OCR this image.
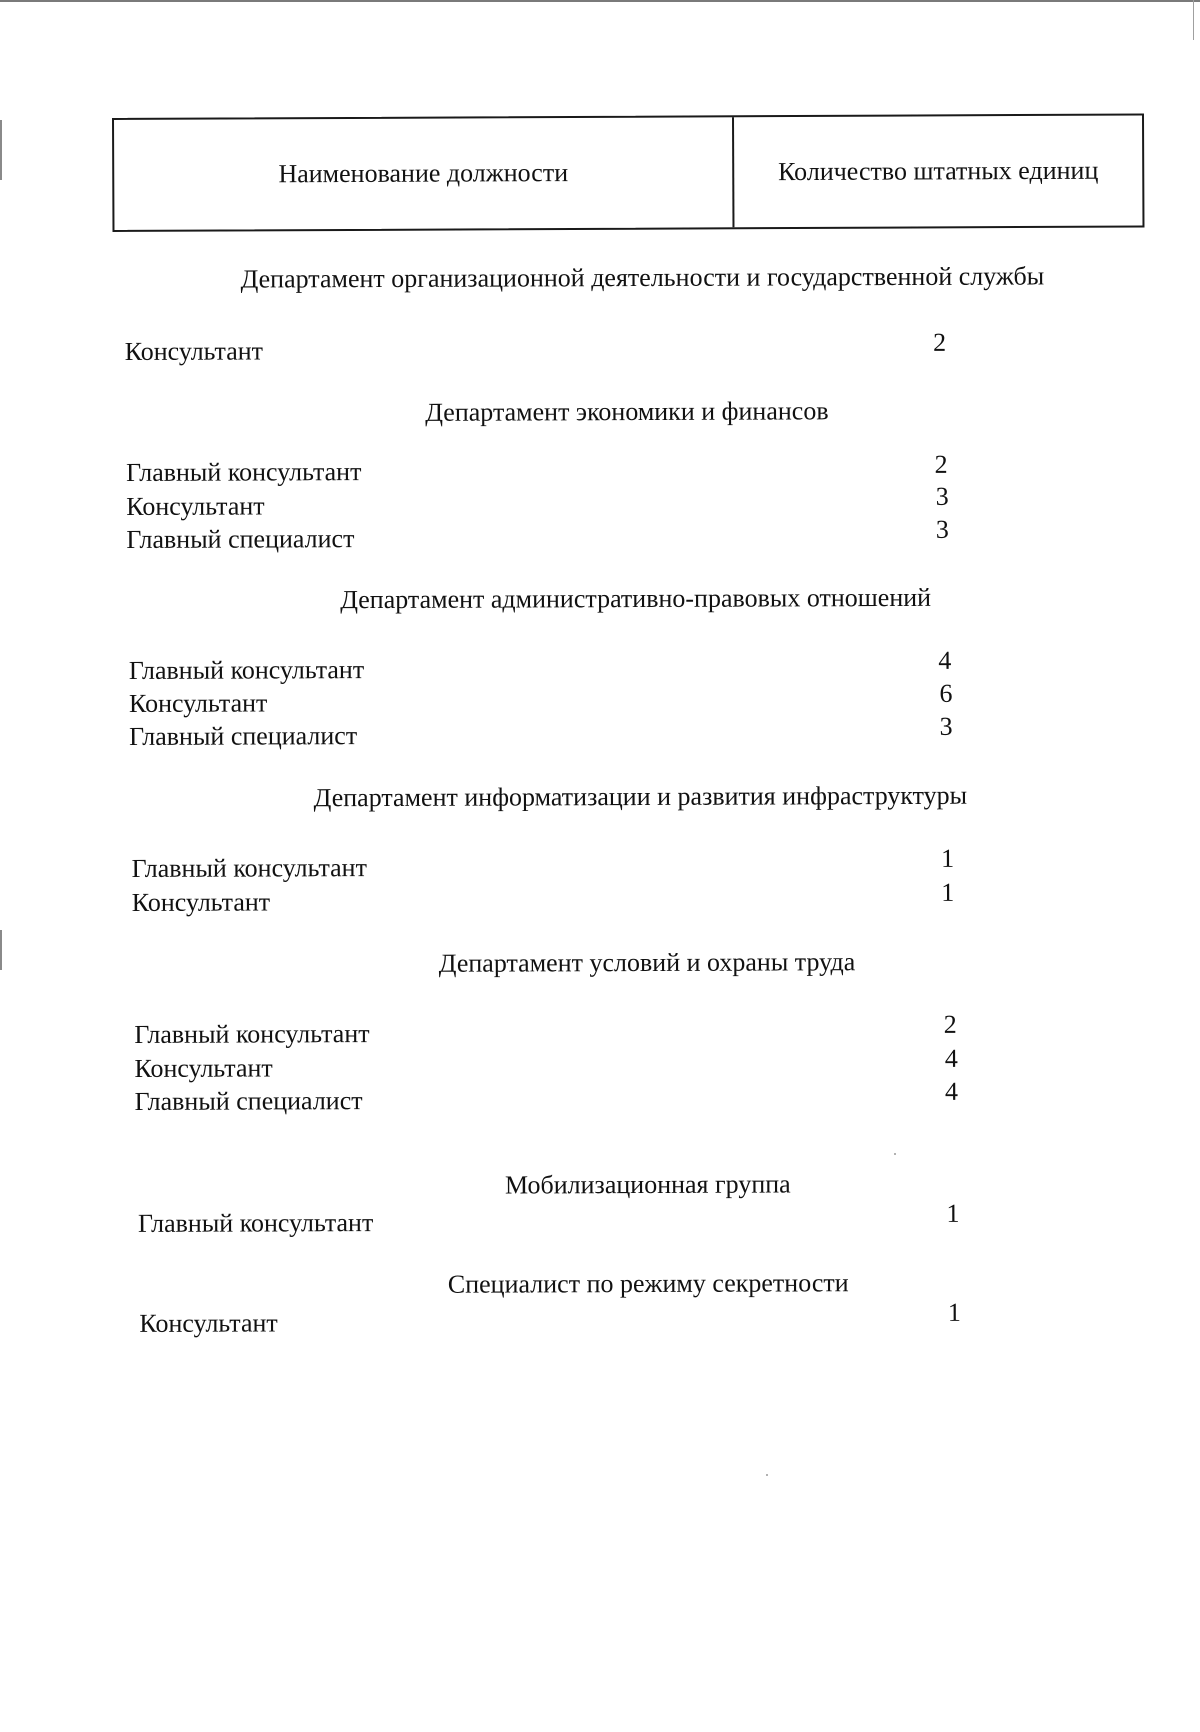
Наименование должности	Количество штатных единиц
Департамент организационной деятельности и государственной службы
Консультант	2
Департамент экономики и финансов
Главный консультант	2
Консультант	3
Главный специалист	3
Департамент административно-правовых отношений
Главный консультант	4
Консультант	6
Главный специалист	3
Департамент информатизации и развития инфраструктуры
Главный консультант	1
Консультант	1
Департамент условий и охраны труда
Главный консультант	2
Консультант	4
Главный специалист	4
Мобилизационная группа
Главный консультант	1
Специалист по режиму секретности
Консультант	1
